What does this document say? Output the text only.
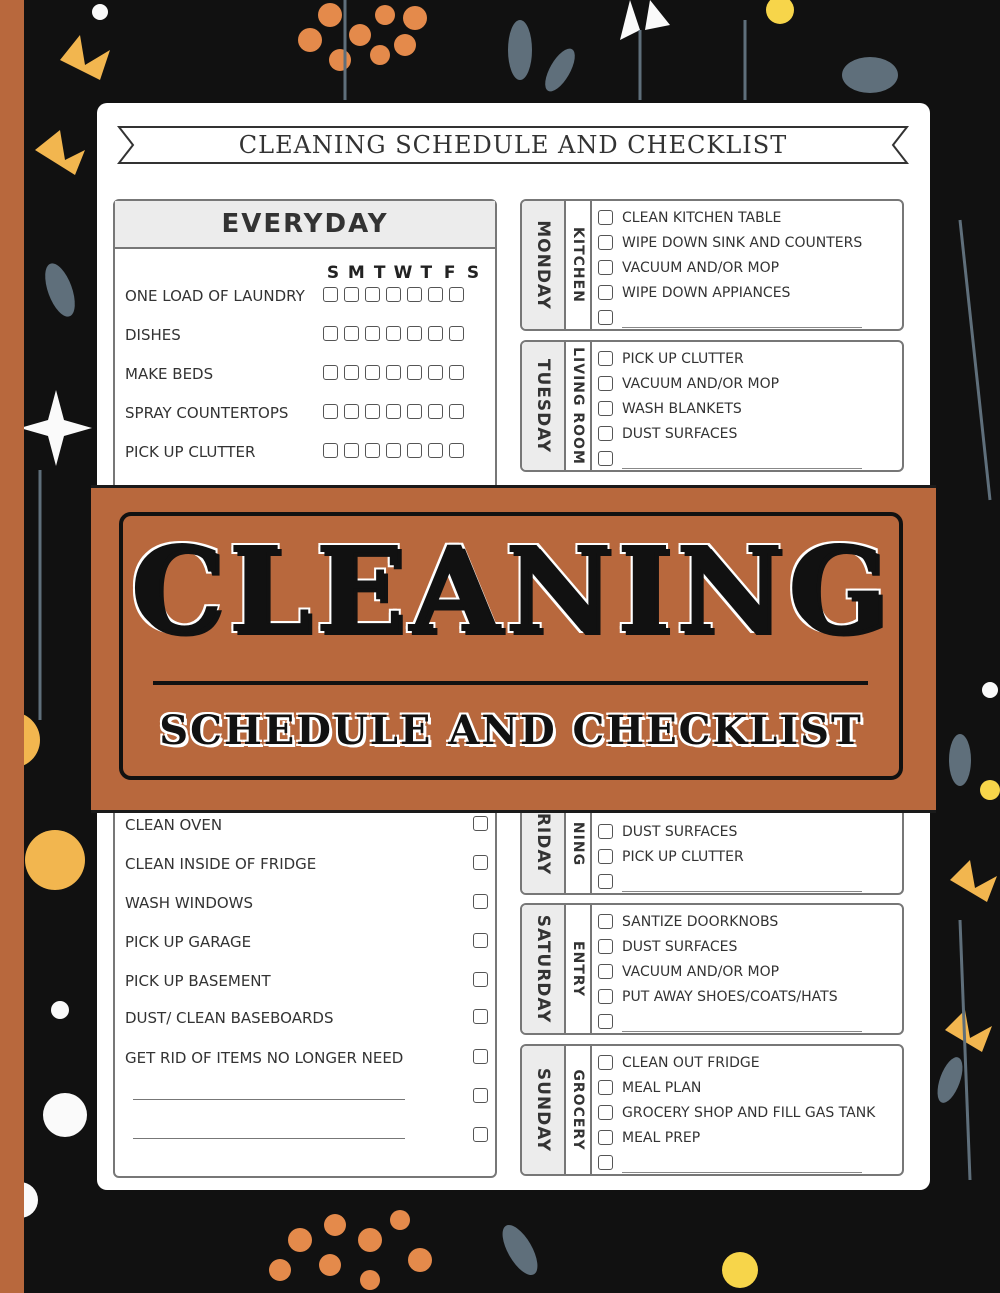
CLEANING SCHEDULE AND CHECKLIST
EVERYDAY
S M T W T F S
ONE LOAD OF LAUNDRY
DISHES
MAKE BEDS
SPRAY COUNTERTOPS
PICK UP CLUTTER
CLEAN OVEN
CLEAN INSIDE OF FRIDGE
WASH WINDOWS
PICK UP GARAGE
PICK UP BASEMENT
DUST/ CLEAN BASEBOARDS
GET RID OF ITEMS NO LONGER NEED
MONDAY KITCHEN
CLEAN KITCHEN TABLE
WIPE DOWN SINK AND COUNTERS
VACUUM AND/OR MOP
WIPE DOWN APPIANCES
TUESDAY LIVING ROOM	PICK UP CLUTTER
VACUUM AND/OR MOP
WASH BLANKETS
DUST SURFACES
RIDAY NING	DUST SURFACES
PICK UP CLUTTER
SATURDAY ENTRY
SANTIZE DOORKNOBS
DUST SURFACES
VACUUM AND/OR MOP
PUT AWAY SHOES/COATS/HATS
SUNDAY GROCERY
CLEAN OUT FRIDGE
MEAL PLAN
GROCERY SHOP AND FILL GAS TANK
MEAL PREP
CLEANING
SCHEDULE AND CHECKLIST
